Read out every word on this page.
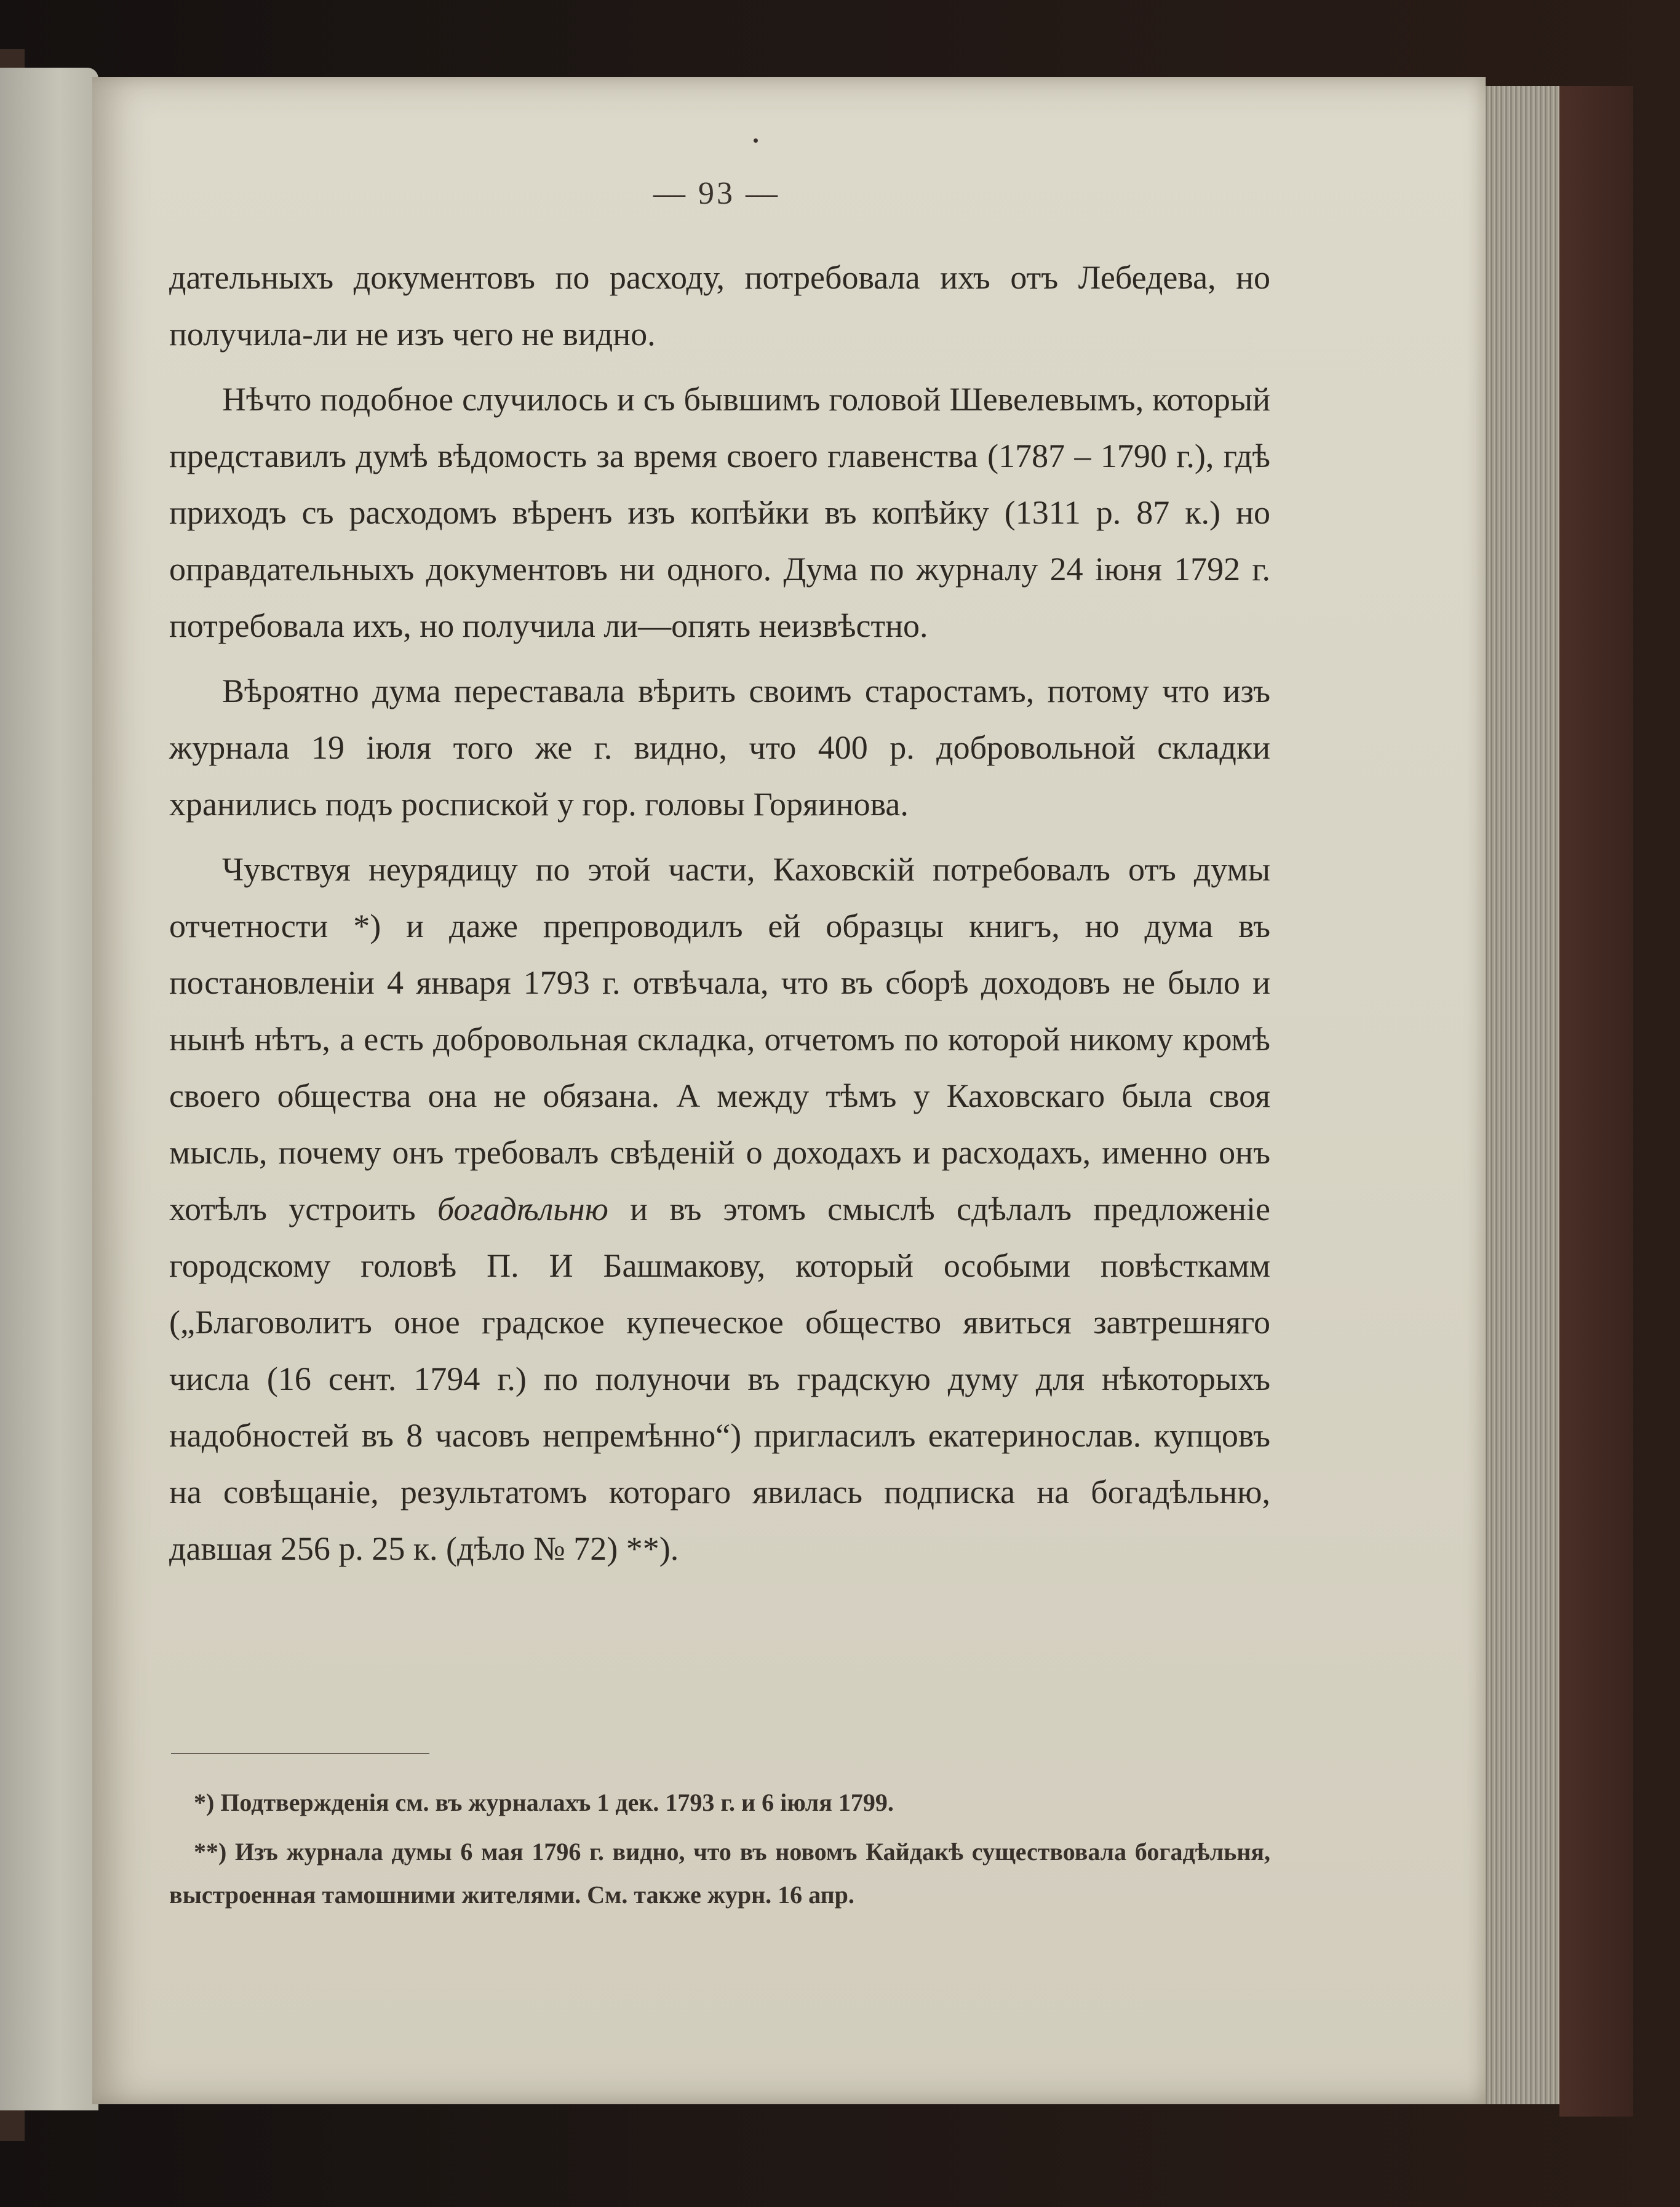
— 93 —

дательныхъ документовъ по расходу, потребовала ихъ отъ Лебедева, но получила-ли не изъ чего не видно.

Нѣчто подобное случилось и съ бывшимъ головой Шевелевымъ, который представилъ думѣ вѣдомость за время своего главенства (1787 – 1790 г.), гдѣ приходъ съ расходомъ вѣренъ изъ копѣйки въ копѣйку (1311 р. 87 к.) но оправдательныхъ документовъ ни одного. Дума по журналу 24 іюня 1792 г. потребовала ихъ, но получила ли—опять неизвѣстно.

Вѣроятно дума переставала вѣрить своимъ старостамъ, потому что изъ журнала 19 іюля того же г. видно, что 400 р. добровольной складки хранились подъ роспиской у гор. головы Горяинова.

Чувствуя неурядицу по этой части, Каховскій потребовалъ отъ думы отчетности *) и даже препроводилъ ей образцы книгъ, но дума въ постановленіи 4 января 1793 г. отвѣчала, что въ сборѣ доходовъ не было и нынѣ нѣтъ, а есть добровольная складка, отчетомъ по которой никому кромѣ своего общества она не обязана. А между тѣмъ у Каховскаго была своя мысль, почему онъ требовалъ свѣденій о доходахъ и расходахъ, именно онъ хотѣлъ устроить богадѣльню и въ этомъ смыслѣ сдѣлалъ предложеніе городскому головѣ П. И Башмакову, который особыми повѣсткамм („Благоволитъ оное градское купеческое общество явиться завтрешняго числа (16 сент. 1794 г.) по полуночи въ градскую думу для нѣкоторыхъ надобностей въ 8 часовъ непремѣнно“) пригласилъ екатеринослав. купцовъ на совѣщаніе, результатомъ котораго явилась подписка на богадѣльню, давшая 256 р. 25 к. (дѣло № 72) **).

*) Подтвержденія см. въ журналахъ 1 дек. 1793 г. и 6 іюля 1799.

**) Изъ журнала думы 6 мая 1796 г. видно, что въ новомъ Кайдакѣ существовала богадѣльня, выстроенная тамошними жителями. См. также журн. 16 апр.
